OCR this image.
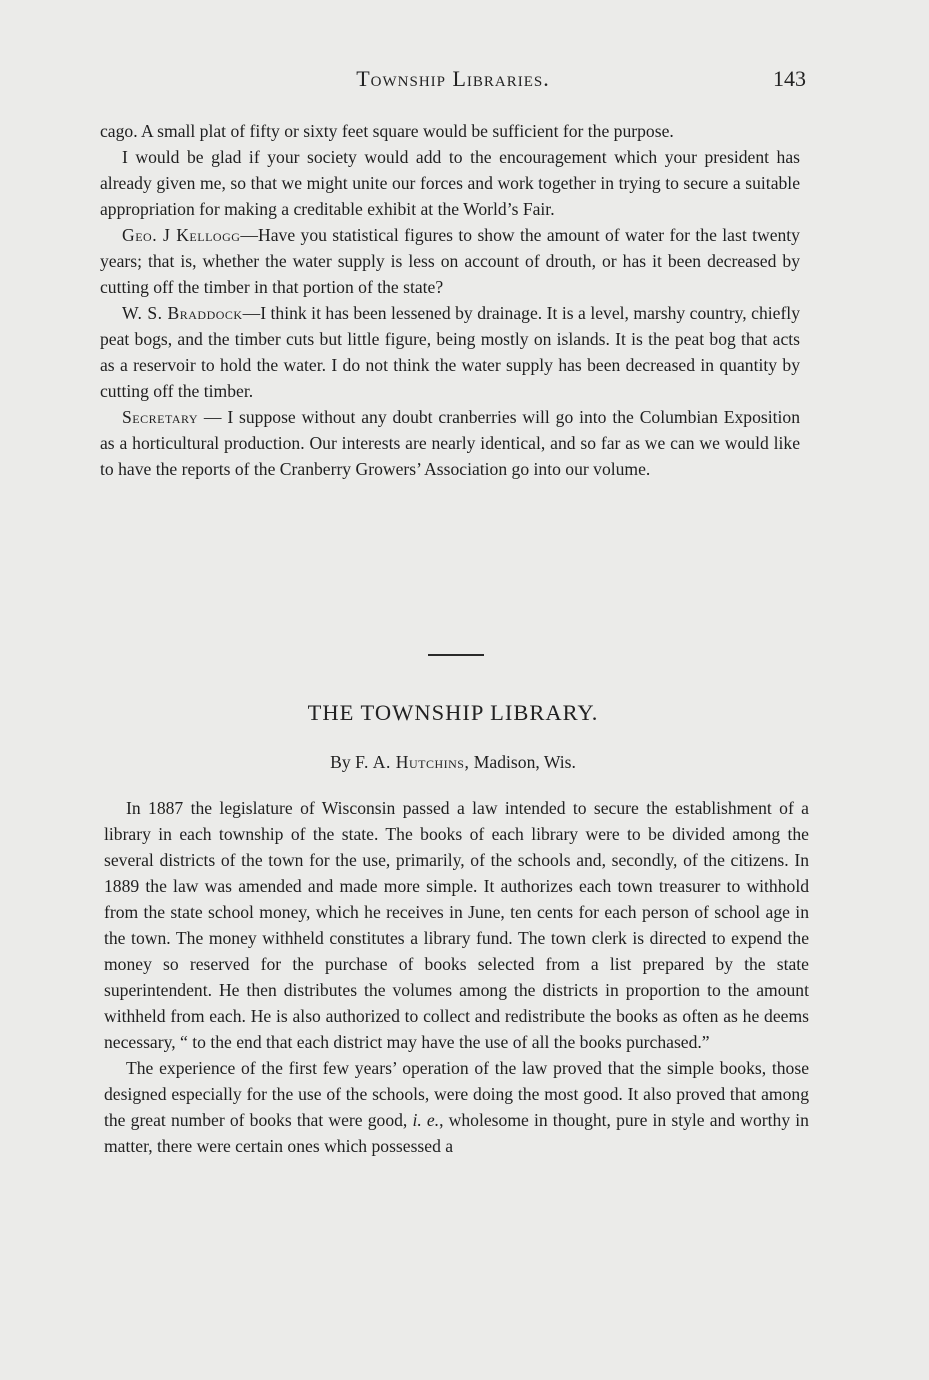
Township Libraries.	143

cago. A small plat of fifty or sixty feet square would be sufficient for the purpose.

I would be glad if your society would add to the encouragement which your president has already given me, so that we might unite our forces and work together in trying to secure a suitable appropriation for making a creditable exhibit at the World’s Fair.

Geo. J Kellogg—Have you statistical figures to show the amount of water for the last twenty years; that is, whether the water supply is less on account of drouth, or has it been decreased by cutting off the timber in that portion of the state?

W. S. Braddock—I think it has been lessened by drainage. It is a level, marshy country, chiefly peat bogs, and the timber cuts but little figure, being mostly on islands. It is the peat bog that acts as a reservoir to hold the water. I do not think the water supply has been decreased in quantity by cutting off the timber.

Secretary — I suppose without any doubt cranberries will go into the Columbian Exposition as a horticultural production. Our interests are nearly identical, and so far as we can we would like to have the reports of the Cranberry Growers’ Association go into our volume.

THE TOWNSHIP LIBRARY.
By F. A. Hutchins, Madison, Wis.

In 1887 the legislature of Wisconsin passed a law intended to secure the establishment of a library in each township of the state. The books of each library were to be divided among the several districts of the town for the use, primarily, of the schools and, secondly, of the citizens. In 1889 the law was amended and made more simple. It authorizes each town treasurer to withhold from the state school money, which he receives in June, ten cents for each person of school age in the town. The money withheld constitutes a library fund. The town clerk is directed to expend the money so reserved for the purchase of books selected from a list prepared by the state superintendent. He then distributes the volumes among the districts in proportion to the amount withheld from each. He is also authorized to collect and redistribute the books as often as he deems necessary, “ to the end that each district may have the use of all the books purchased.”

The experience of the first few years’ operation of the law proved that the simple books, those designed especially for the use of the schools, were doing the most good. It also proved that among the great number of books that were good, i. e., wholesome in thought, pure in style and worthy in matter, there were certain ones which possessed a
